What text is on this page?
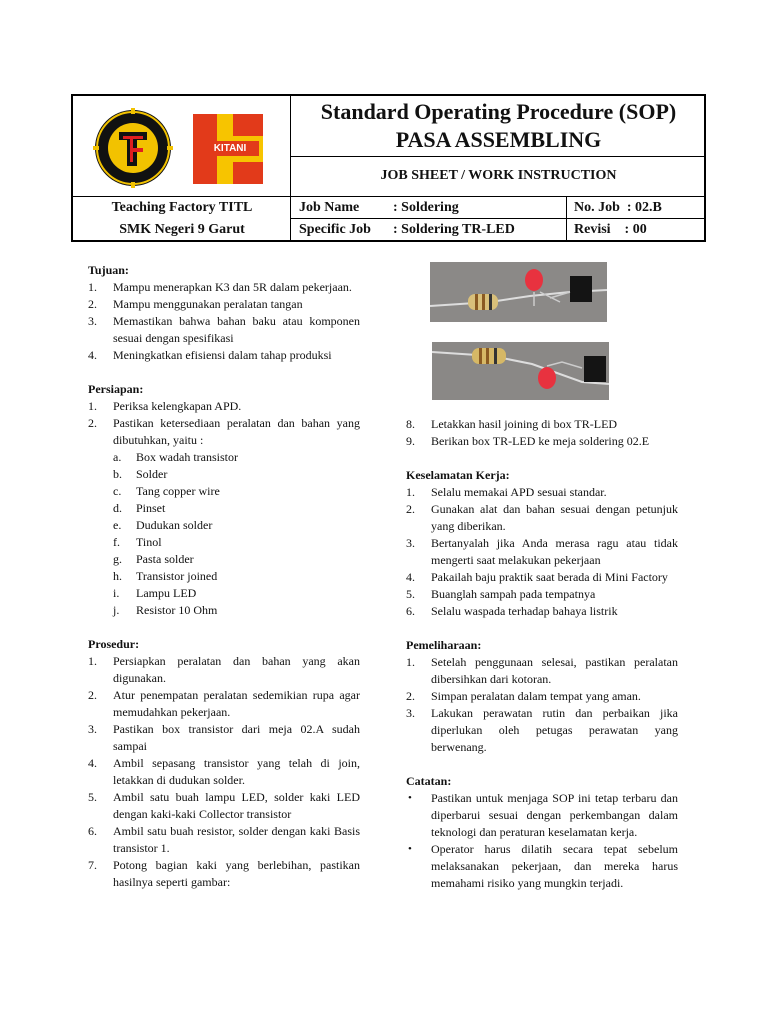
KITANI
Standard Operating Procedure (SOP)
PASA ASSEMBLING
JOB SHEET / WORK INSTRUCTION
Teaching Factory TITL
SMK Negeri 9 Garut
Job Name : Soldering
Specific Job : Soldering TR-LED
No. Job  : 02.B
Revisi    : 00
Tujuan:
1. Mampu menerapkan K3 dan 5R dalam pekerjaan.
2. Mampu menggunakan peralatan tangan
3. Memastikan bahwa bahan baku atau komponen sesuai dengan spesifikasi
4. Meningkatkan efisiensi dalam tahap produksi
Persiapan:
1. Periksa kelengkapan APD.
2. Pastikan ketersediaan peralatan dan bahan yang dibutuhkan, yaitu :
a. Box wadah transistor
b. Solder
c. Tang copper wire
d. Pinset
e. Dudukan solder
f. Tinol
g. Pasta solder
h. Transistor joined
i. Lampu LED
j. Resistor 10 Ohm
Prosedur:
1. Persiapkan peralatan dan bahan yang akan digunakan.
2. Atur penempatan peralatan sedemikian rupa agar memudahkan pekerjaan.
3. Pastikan box transistor dari meja 02.A sudah sampai
4. Ambil sepasang transistor yang telah di join, letakkan di dudukan solder.
5. Ambil satu buah lampu LED, solder kaki LED dengan kaki-kaki Collector transistor
6. Ambil satu buah resistor, solder dengan kaki Basis transistor 1.
7. Potong bagian kaki yang berlebihan, pastikan hasilnya seperti gambar:
8. Letakkan hasil joining di box TR-LED
9. Berikan box TR-LED ke meja soldering 02.E
Keselamatan Kerja:
1. Selalu memakai APD sesuai standar.
2. Gunakan alat dan bahan sesuai dengan petunjuk yang diberikan.
3. Bertanyalah jika Anda merasa ragu atau tidak mengerti saat melakukan pekerjaan
4. Pakailah baju praktik saat berada di Mini Factory
5. Buanglah sampah pada tempatnya
6. Selalu waspada terhadap bahaya listrik
Pemeliharaan:
1. Setelah penggunaan selesai, pastikan peralatan dibersihkan dari kotoran.
2. Simpan peralatan dalam tempat yang aman.
3. Lakukan perawatan rutin dan perbaikan jika diperlukan oleh petugas perawatan yang berwenang.
Catatan:
• Pastikan untuk menjaga SOP ini tetap terbaru dan diperbarui sesuai dengan perkembangan dalam teknologi dan peraturan keselamatan kerja.
• Operator harus dilatih secara tepat sebelum melaksanakan pekerjaan, dan mereka harus memahami risiko yang mungkin terjadi.
